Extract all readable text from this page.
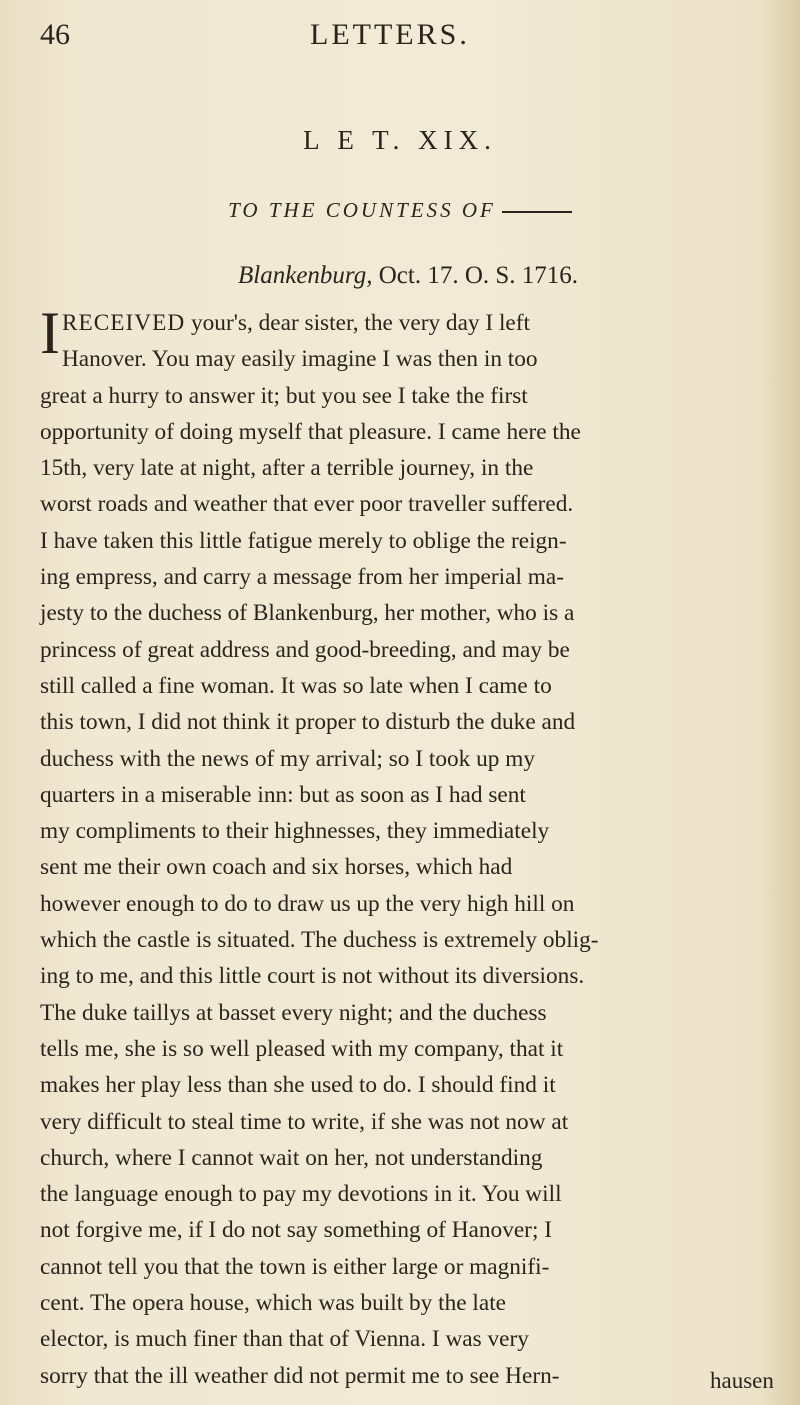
46	LETTERS.
L E T. XIX.
TO THE COUNTESS OF
Blankenburg, Oct. 17. O. S. 1716.
IRECEIVED your's, dear sister, the very day I left
Hanover. You may easily imagine I was then in too
great a hurry to answer it; but you see I take the first
opportunity of doing myself that pleasure. I came here the
15th, very late at night, after a terrible journey, in the
worst roads and weather that ever poor traveller suffered.
I have taken this little fatigue merely to oblige the reign-
ing empress, and carry a message from her imperial ma-
jesty to the duchess of Blankenburg, her mother, who is a
princess of great address and good-breeding, and may be
still called a fine woman. It was so late when I came to
this town, I did not think it proper to disturb the duke and
duchess with the news of my arrival; so I took up my
quarters in a miserable inn: but as soon as I had sent
my compliments to their highnesses, they immediately
sent me their own coach and six horses, which had
however enough to do to draw us up the very high hill on
which the castle is situated. The duchess is extremely oblig-
ing to me, and this little court is not without its diversions.
The duke taillys at basset every night; and the duchess
tells me, she is so well pleased with my company, that it
makes her play less than she used to do. I should find it
very difficult to steal time to write, if she was not now at
church, where I cannot wait on her, not understanding
the language enough to pay my devotions in it. You will
not forgive me, if I do not say something of Hanover; I
cannot tell you that the town is either large or magnifi-
cent. The opera house, which was built by the late
elector, is much finer than that of Vienna. I was very
sorry that the ill weather did not permit me to see Hern-	hausen
